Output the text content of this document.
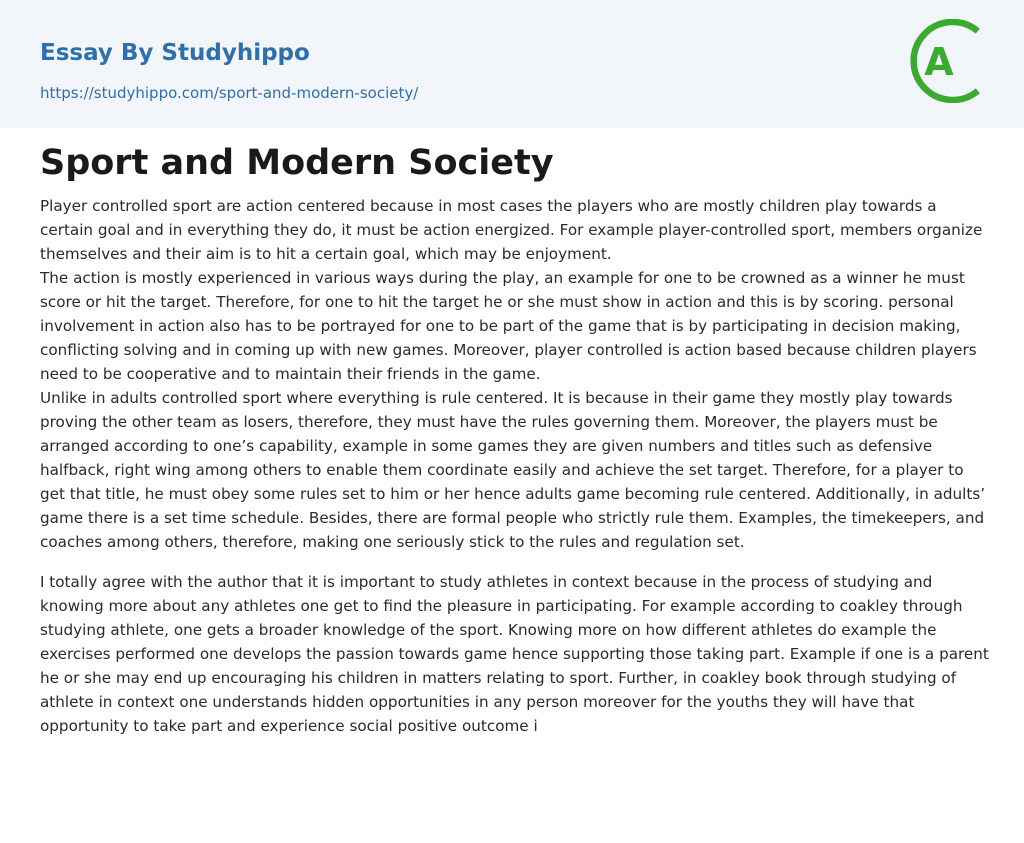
Essay By Studyhippo
https://studyhippo.com/sport-and-modern-society/
A
Sport and Modern Society

Player controlled sport are action centered because in most cases the players who are mostly children play towards a certain goal and in everything they do, it must be action energized. For example player-controlled sport, members organize themselves and their aim is to hit a certain goal, which may be enjoyment.

The action is mostly experienced in various ways during the play, an example for one to be crowned as a winner he must score or hit the target. Therefore, for one to hit the target he or she must show in action and this is by scoring. personal involvement in action also has to be portrayed for one to be part of the game that is by participating in decision making, conflicting solving and in coming up with new games. Moreover, player controlled is action based because children players need to be cooperative and to maintain their friends in the game.

Unlike in adults controlled sport where everything is rule centered. It is because in their game they mostly play towards proving the other team as losers, therefore, they must have the rules governing them. Moreover, the players must be arranged according to one’s capability, example in some games they are given numbers and titles such as defensive halfback, right wing among others to enable them coordinate easily and achieve the set target. Therefore, for a player to get that title, he must obey some rules set to him or her hence adults game becoming rule centered. Additionally, in adults’ game there is a set time schedule. Besides, there are formal people who strictly rule them. Examples, the timekeepers, and coaches among others, therefore, making one seriously stick to the rules and regulation set.

I totally agree with the author that it is important to study athletes in context because in the process of studying and knowing more about any athletes one get to find the pleasure in participating. For example according to coakley through studying athlete, one gets a broader knowledge of the sport. Knowing more on how different athletes do example the exercises performed one develops the passion towards game hence supporting those taking part. Example if one is a parent he or she may end up encouraging his children in matters relating to sport. Further, in coakley book through studying of athlete in context one understands hidden opportunities in any person moreover for the youths they will have that opportunity to take part and experience social positive outcome i
